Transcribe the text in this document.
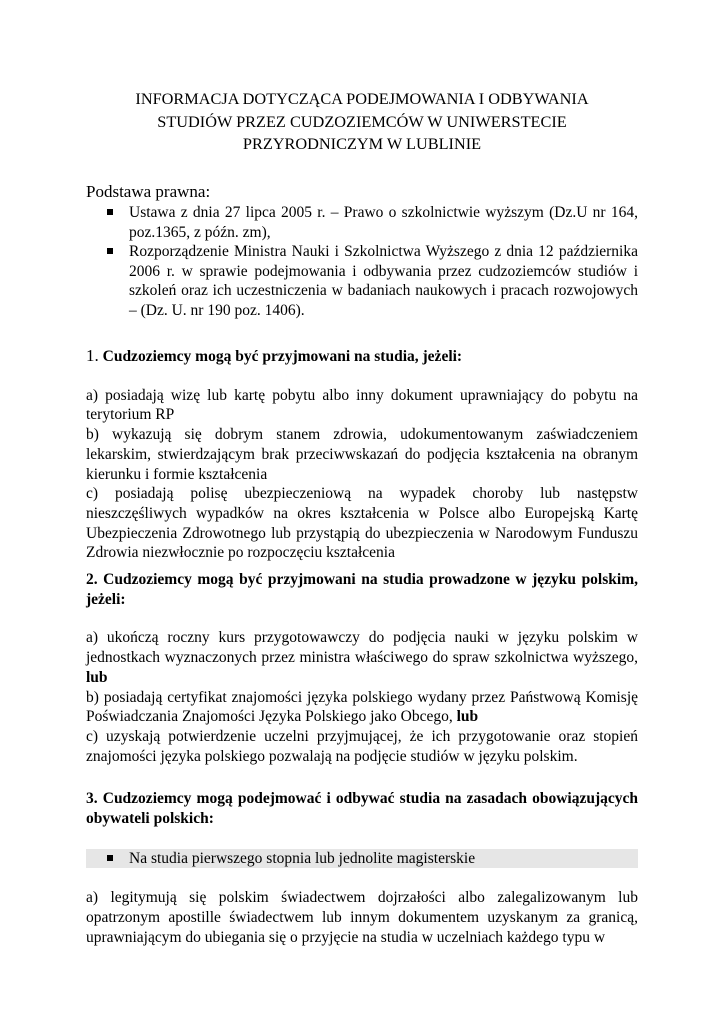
INFORMACJA DOTYCZĄCA PODEJMOWANIA I ODBYWANIA
STUDIÓW PRZEZ CUDZOZIEMCÓW W UNIWERSTECIE
PRZYRODNICZYM W LUBLINIE
Podstawa prawna:
Ustawa z dnia 27 lipca 2005 r. – Prawo o szkolnictwie wyższym (Dz.U nr 164, poz.1365, z późn. zm),
Rozporządzenie Ministra Nauki i Szkolnictwa Wyższego z dnia 12 października 2006 r. w sprawie podejmowania i odbywania przez cudzoziemców studiów i szkoleń oraz ich uczestniczenia w badaniach naukowych i pracach rozwojowych – (Dz. U. nr 190 poz. 1406).
1. Cudzoziemcy mogą być przyjmowani na studia, jeżeli:

a) posiadają wizę lub kartę pobytu albo inny dokument uprawniający do pobytu na terytorium RP

b) wykazują się dobrym stanem zdrowia, udokumentowanym zaświadczeniem lekarskim, stwierdzającym brak przeciwwskazań do podjęcia kształcenia na obranym kierunku i formie kształcenia

c) posiadają polisę ubezpieczeniową na wypadek choroby lub następstw nieszczęśliwych wypadków na okres kształcenia w Polsce albo Europejską Kartę Ubezpieczenia Zdrowotnego lub przystąpią do ubezpieczenia w Narodowym Funduszu Zdrowia niezwłocznie po rozpoczęciu kształcenia

2. Cudzoziemcy mogą być przyjmowani na studia prowadzone w języku polskim, jeżeli:

a) ukończą roczny kurs przygotowawczy do podjęcia nauki w języku polskim w jednostkach wyznaczonych przez ministra właściwego do spraw szkolnictwa wyższego, lub

b) posiadają certyfikat znajomości języka polskiego wydany przez Państwową Komisję Poświadczania Znajomości Języka Polskiego jako Obcego, lub

c) uzyskają potwierdzenie uczelni przyjmującej, że ich przygotowanie oraz stopień znajomości języka polskiego pozwalają na podjęcie studiów w języku polskim.

3. Cudzoziemcy mogą podejmować i odbywać studia na zasadach obowiązujących obywateli polskich:
Na studia pierwszego stopnia lub jednolite magisterskie

a) legitymują się polskim świadectwem dojrzałości albo zalegalizowanym lub opatrzonym apostille świadectwem lub innym dokumentem uzyskanym za granicą, uprawniającym do ubiegania się o przyjęcie na studia w uczelniach każdego typu w
